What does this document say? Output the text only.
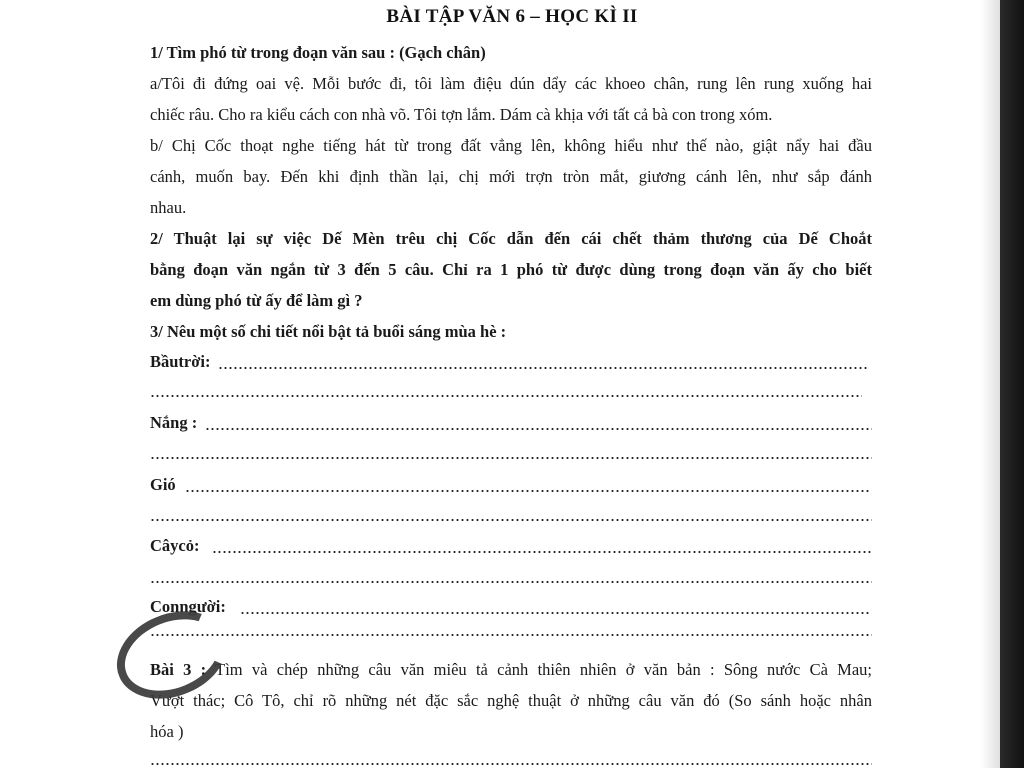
BÀI TẬP VĂN 6 – HỌC KÌ II
1/ Tìm phó từ trong đoạn văn sau : (Gạch chân)
a/Tôi đi đứng oai vệ. Mỗi bước đi, tôi làm điệu dún dẩy các khoeo chân, rung lên rung xuống hai
chiếc râu. Cho ra kiểu cách con nhà võ. Tôi tợn lắm. Dám cà khịa với tất cả bà con trong xóm.
b/ Chị Cốc thoạt nghe tiếng hát từ trong đất vẳng lên, không hiểu như thế nào, giật nẩy hai đầu
cánh, muốn bay. Đến khi định thần lại, chị mới trợn tròn mắt, giương cánh lên, như sắp đánh
nhau.
2/ Thuật lại sự việc Dế Mèn trêu chị Cốc dẫn đến cái chết thảm thương của Dế Choắt
bằng đoạn văn ngắn từ 3 đến 5 câu. Chỉ ra 1 phó từ được dùng trong đoạn văn ấy cho biết
em dùng phó từ ấy để làm gì ?
3/ Nêu một số chi tiết nổi bật tả buổi sáng mùa hè :
Bầutrời:
Nắng :
Gió
Câycỏ:
Conngười:
Bài 3 : Tìm và chép những câu văn miêu tả cảnh thiên nhiên ở văn bản : Sông nước Cà Mau;
Vượt thác; Cô Tô, chỉ rõ những nét đặc sắc nghệ thuật ở những câu văn đó (So sánh hoặc nhân
hóa )
